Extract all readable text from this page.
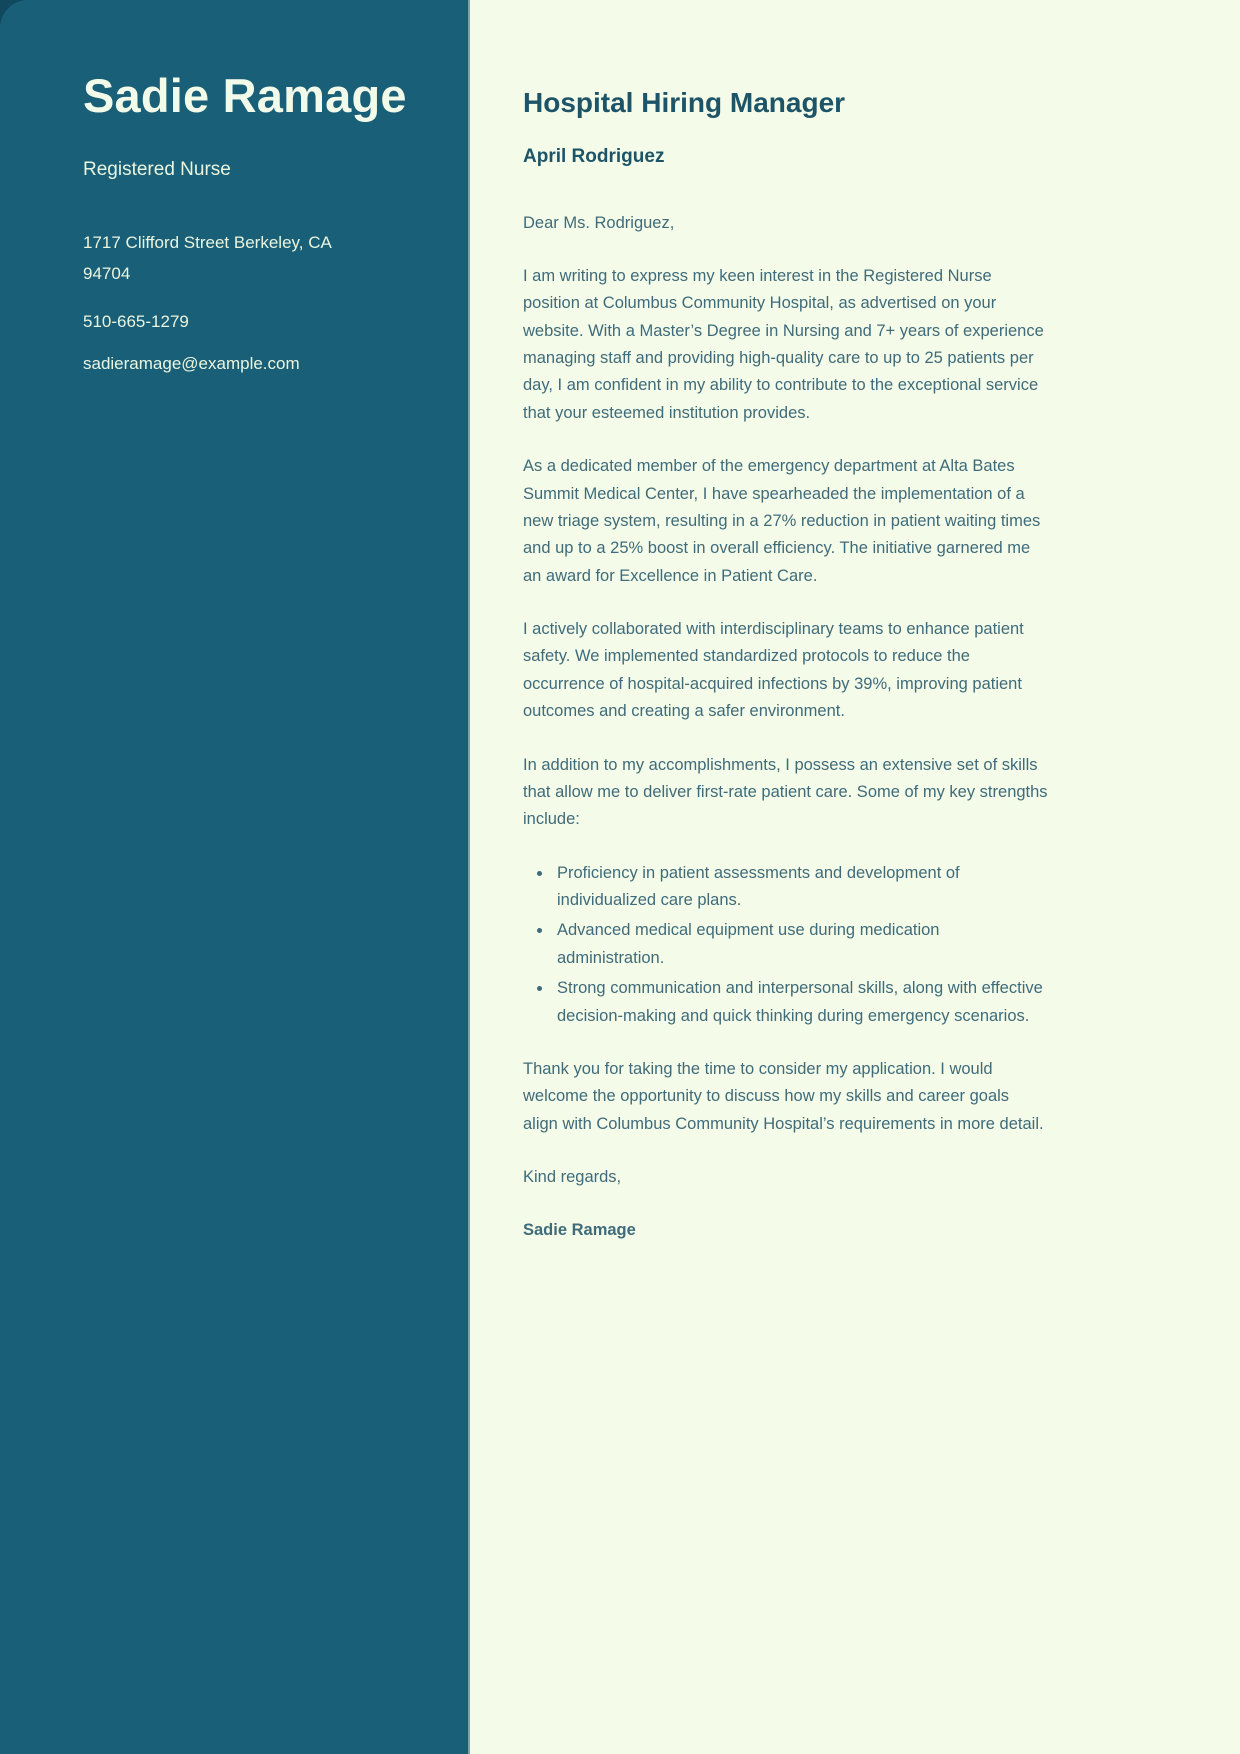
Sadie Ramage
Registered Nurse

1717 Clifford Street Berkeley, CA
94704

510-665-1279

sadieramage@example.com

Hospital Hiring Manager
April Rodriguez

Dear Ms. Rodriguez,

I am writing to express my keen interest in the Registered Nurse position at Columbus Community Hospital, as advertised on your website. With a Master’s Degree in Nursing and 7+ years of experience managing staff and providing high-quality care to up to 25 patients per day, I am confident in my ability to contribute to the exceptional service that your esteemed institution provides.

As a dedicated member of the emergency department at Alta Bates Summit Medical Center, I have spearheaded the implementation of a new triage system, resulting in a 27% reduction in patient waiting times and up to a 25% boost in overall efficiency. The initiative garnered me an award for Excellence in Patient Care.

I actively collaborated with interdisciplinary teams to enhance patient safety. We implemented standardized protocols to reduce the occurrence of hospital-acquired infections by 39%, improving patient outcomes and creating a safer environment.

In addition to my accomplishments, I possess an extensive set of skills that allow me to deliver first-rate patient care. Some of my key strengths include:

• Proficiency in patient assessments and development of individualized care plans.
• Advanced medical equipment use during medication administration.
• Strong communication and interpersonal skills, along with effective decision-making and quick thinking during emergency scenarios.

Thank you for taking the time to consider my application. I would welcome the opportunity to discuss how my skills and career goals align with Columbus Community Hospital’s requirements in more detail.

Kind regards,

Sadie Ramage
